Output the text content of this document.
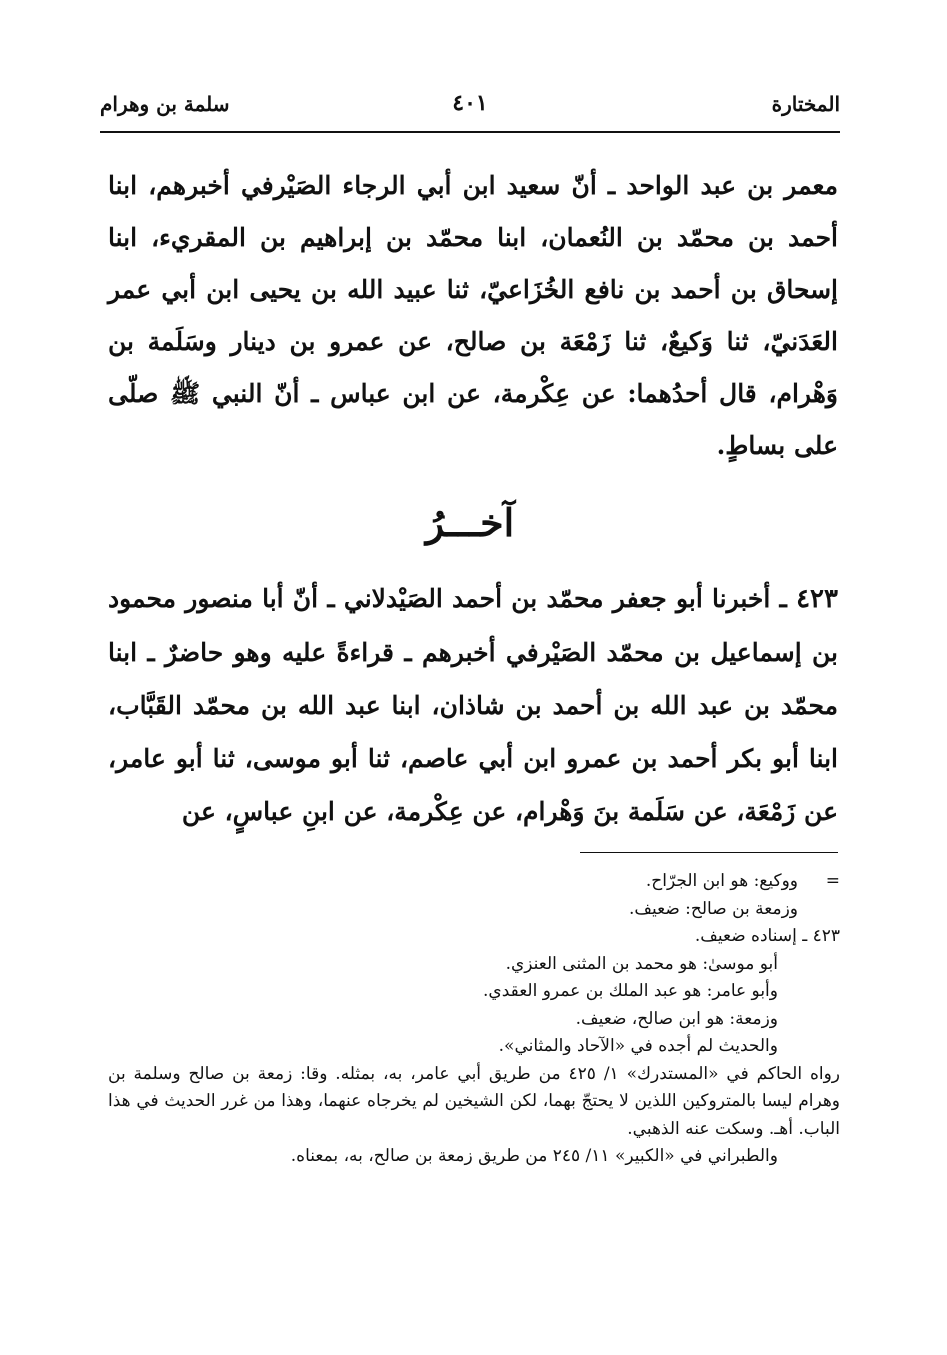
المختارة
٤٠١
سلمة بن وهرام

معمر بن عبد الواحد ـ أنّ سعيد ابن أبي الرجاء الصَيْرفي أخبرهم، ابنا أحمد بن محمّد بن النُعمان، ابنا محمّد بن إبراهيم بن المقريء، ابنا إسحاق بن أحمد بن نافع الخُزَاعيّ، ثنا عبيد الله بن يحيى ابن أبي عمر العَدَنيّ، ثنا وَكيعٌ، ثنا زَمْعَة بن صالح، عن عمرو بن دينار وسَلَمة بن وَهْرام، قال أحدُهما: عن عِكْرمة، عن ابن عباس ـ أنّ النبي ﷺ صلّى على بساطٍ.

آخـــرُ

٤٢٣ ـ أخبرنا أبو جعفر محمّد بن أحمد الصَيْدلاني ـ أنّ أبا منصور محمود بن إسماعيل بن محمّد الصَيْرفي أخبرهم ـ قراءةً عليه وهو حاضرٌ ـ ابنا محمّد بن عبد الله بن أحمد بن شاذان، ابنا عبد الله بن محمّد القَبَّاب، ابنا أبو بكر أحمد بن عمرو ابن أبي عاصم، ثنا أبو موسى، ثنا أبو عامر، عن زَمْعَة، عن سَلَمة بنَ وَهْرام، عن عِكْرمة، عن ابنِ عباسٍ، عن

=
ووكيع: هو ابن الجرّاح.

وزمعة بن صالح: ضعيف.

٤٢٣ ـ إسناده ضعيف.

أبو موسىٰ: هو محمد بن المثنى العنزي.

وأبو عامر: هو عبد الملك بن عمرو العقدي.

وزمعة: هو ابن صالح، ضعيف.

والحديث لم أجده في «الآحاد والمثاني».

رواه الحاكم في «المستدرك» ١/ ٤٢٥ من طريق أبي عامر، به، بمثله. وقا: زمعة بن صالح وسلمة بن وهرام ليسا بالمتروكين اللذين لا يحتجّ بهما، لكن الشيخين لم يخرجاه عنهما، وهذا من غرر الحديث في هذا الباب. أهـ. وسكت عنه الذهبي.

والطبراني في «الكبير» ١١/ ٢٤٥ من طريق زمعة بن صالح، به، بمعناه.
